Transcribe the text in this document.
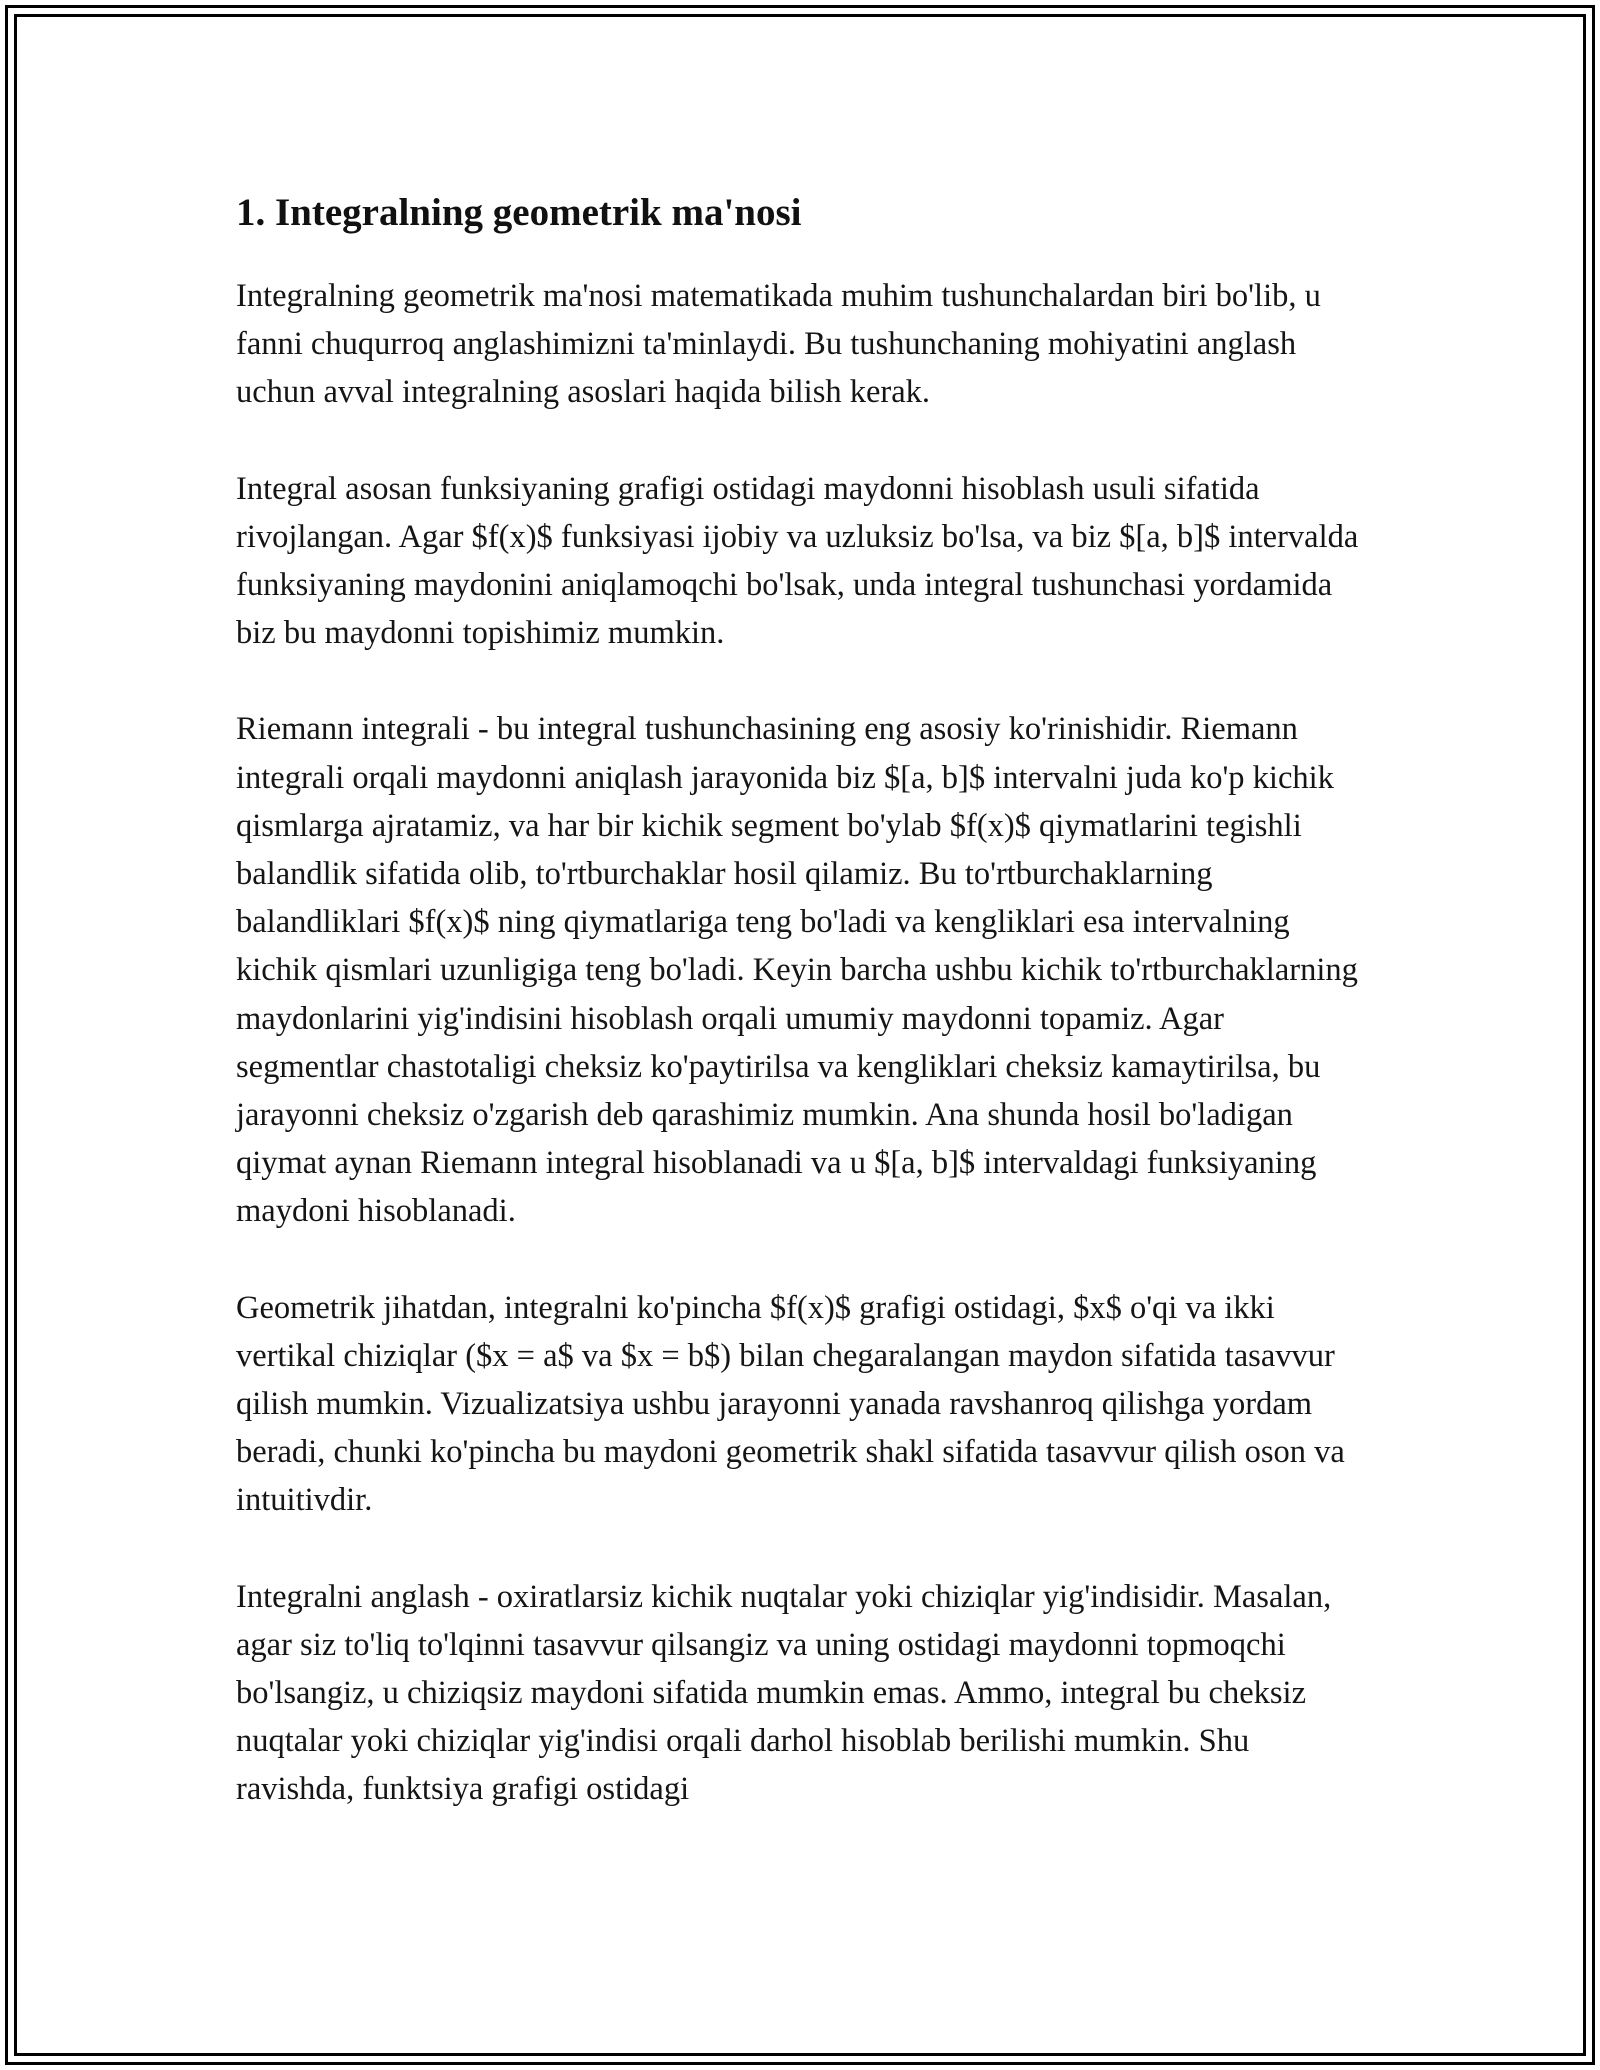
1. Integralning geometrik ma'nosi

Integralning geometrik ma'nosi matematikada muhim tushunchalardan biri bo'lib, u fanni chuqurroq anglashimizni ta'minlaydi. Bu tushunchaning mohiyatini anglash uchun avval integralning asoslari haqida bilish kerak.

Integral asosan funksiyaning grafigi ostidagi maydonni hisoblash usuli sifatida rivojlangan. Agar $f(x)$ funksiyasi ijobiy va uzluksiz bo'lsa, va biz $[a, b]$ intervalda funksiyaning maydonini aniqlamoqchi bo'lsak, unda integral tushunchasi yordamida biz bu maydonni topishimiz mumkin.

Riemann integrali - bu integral tushunchasining eng asosiy ko'rinishidir. Riemann integrali orqali maydonni aniqlash jarayonida biz $[a, b]$ intervalni juda ko'p kichik qismlarga ajratamiz, va har bir kichik segment bo'ylab $f(x)$ qiymatlarini tegishli balandlik sifatida olib, to'rtburchaklar hosil qilamiz. Bu to'rtburchaklarning balandliklari $f(x)$ ning qiymatlariga teng bo'ladi va kengliklari esa intervalning kichik qismlari uzunligiga teng bo'ladi. Keyin barcha ushbu kichik to'rtburchaklarning maydonlarini yig'indisini hisoblash orqali umumiy maydonni topamiz. Agar segmentlar chastotaligi cheksiz ko'paytirilsa va kengliklari cheksiz kamaytirilsa, bu jarayonni cheksiz o'zgarish deb qarashimiz mumkin. Ana shunda hosil bo'ladigan qiymat aynan Riemann integral hisoblanadi va u $[a, b]$ intervaldagi funksiyaning maydoni hisoblanadi.

Geometrik jihatdan, integralni ko'pincha $f(x)$ grafigi ostidagi, $x$ o'qi va ikki vertikal chiziqlar ($x = a$ va $x = b$) bilan chegaralangan maydon sifatida tasavvur qilish mumkin. Vizualizatsiya ushbu jarayonni yanada ravshanroq qilishga yordam beradi, chunki ko'pincha bu maydoni geometrik shakl sifatida tasavvur qilish oson va intuitivdir.

Integralni anglash - oxiratlarsiz kichik nuqtalar yoki chiziqlar yig'indisidir. Masalan, agar siz to'liq to'lqinni tasavvur qilsangiz va uning ostidagi maydonni topmoqchi bo'lsangiz, u chiziqsiz maydoni sifatida mumkin emas. Ammo, integral bu cheksiz nuqtalar yoki chiziqlar yig'indisi orqali darhol hisoblab berilishi mumkin. Shu ravishda, funktsiya grafigi ostidagi
